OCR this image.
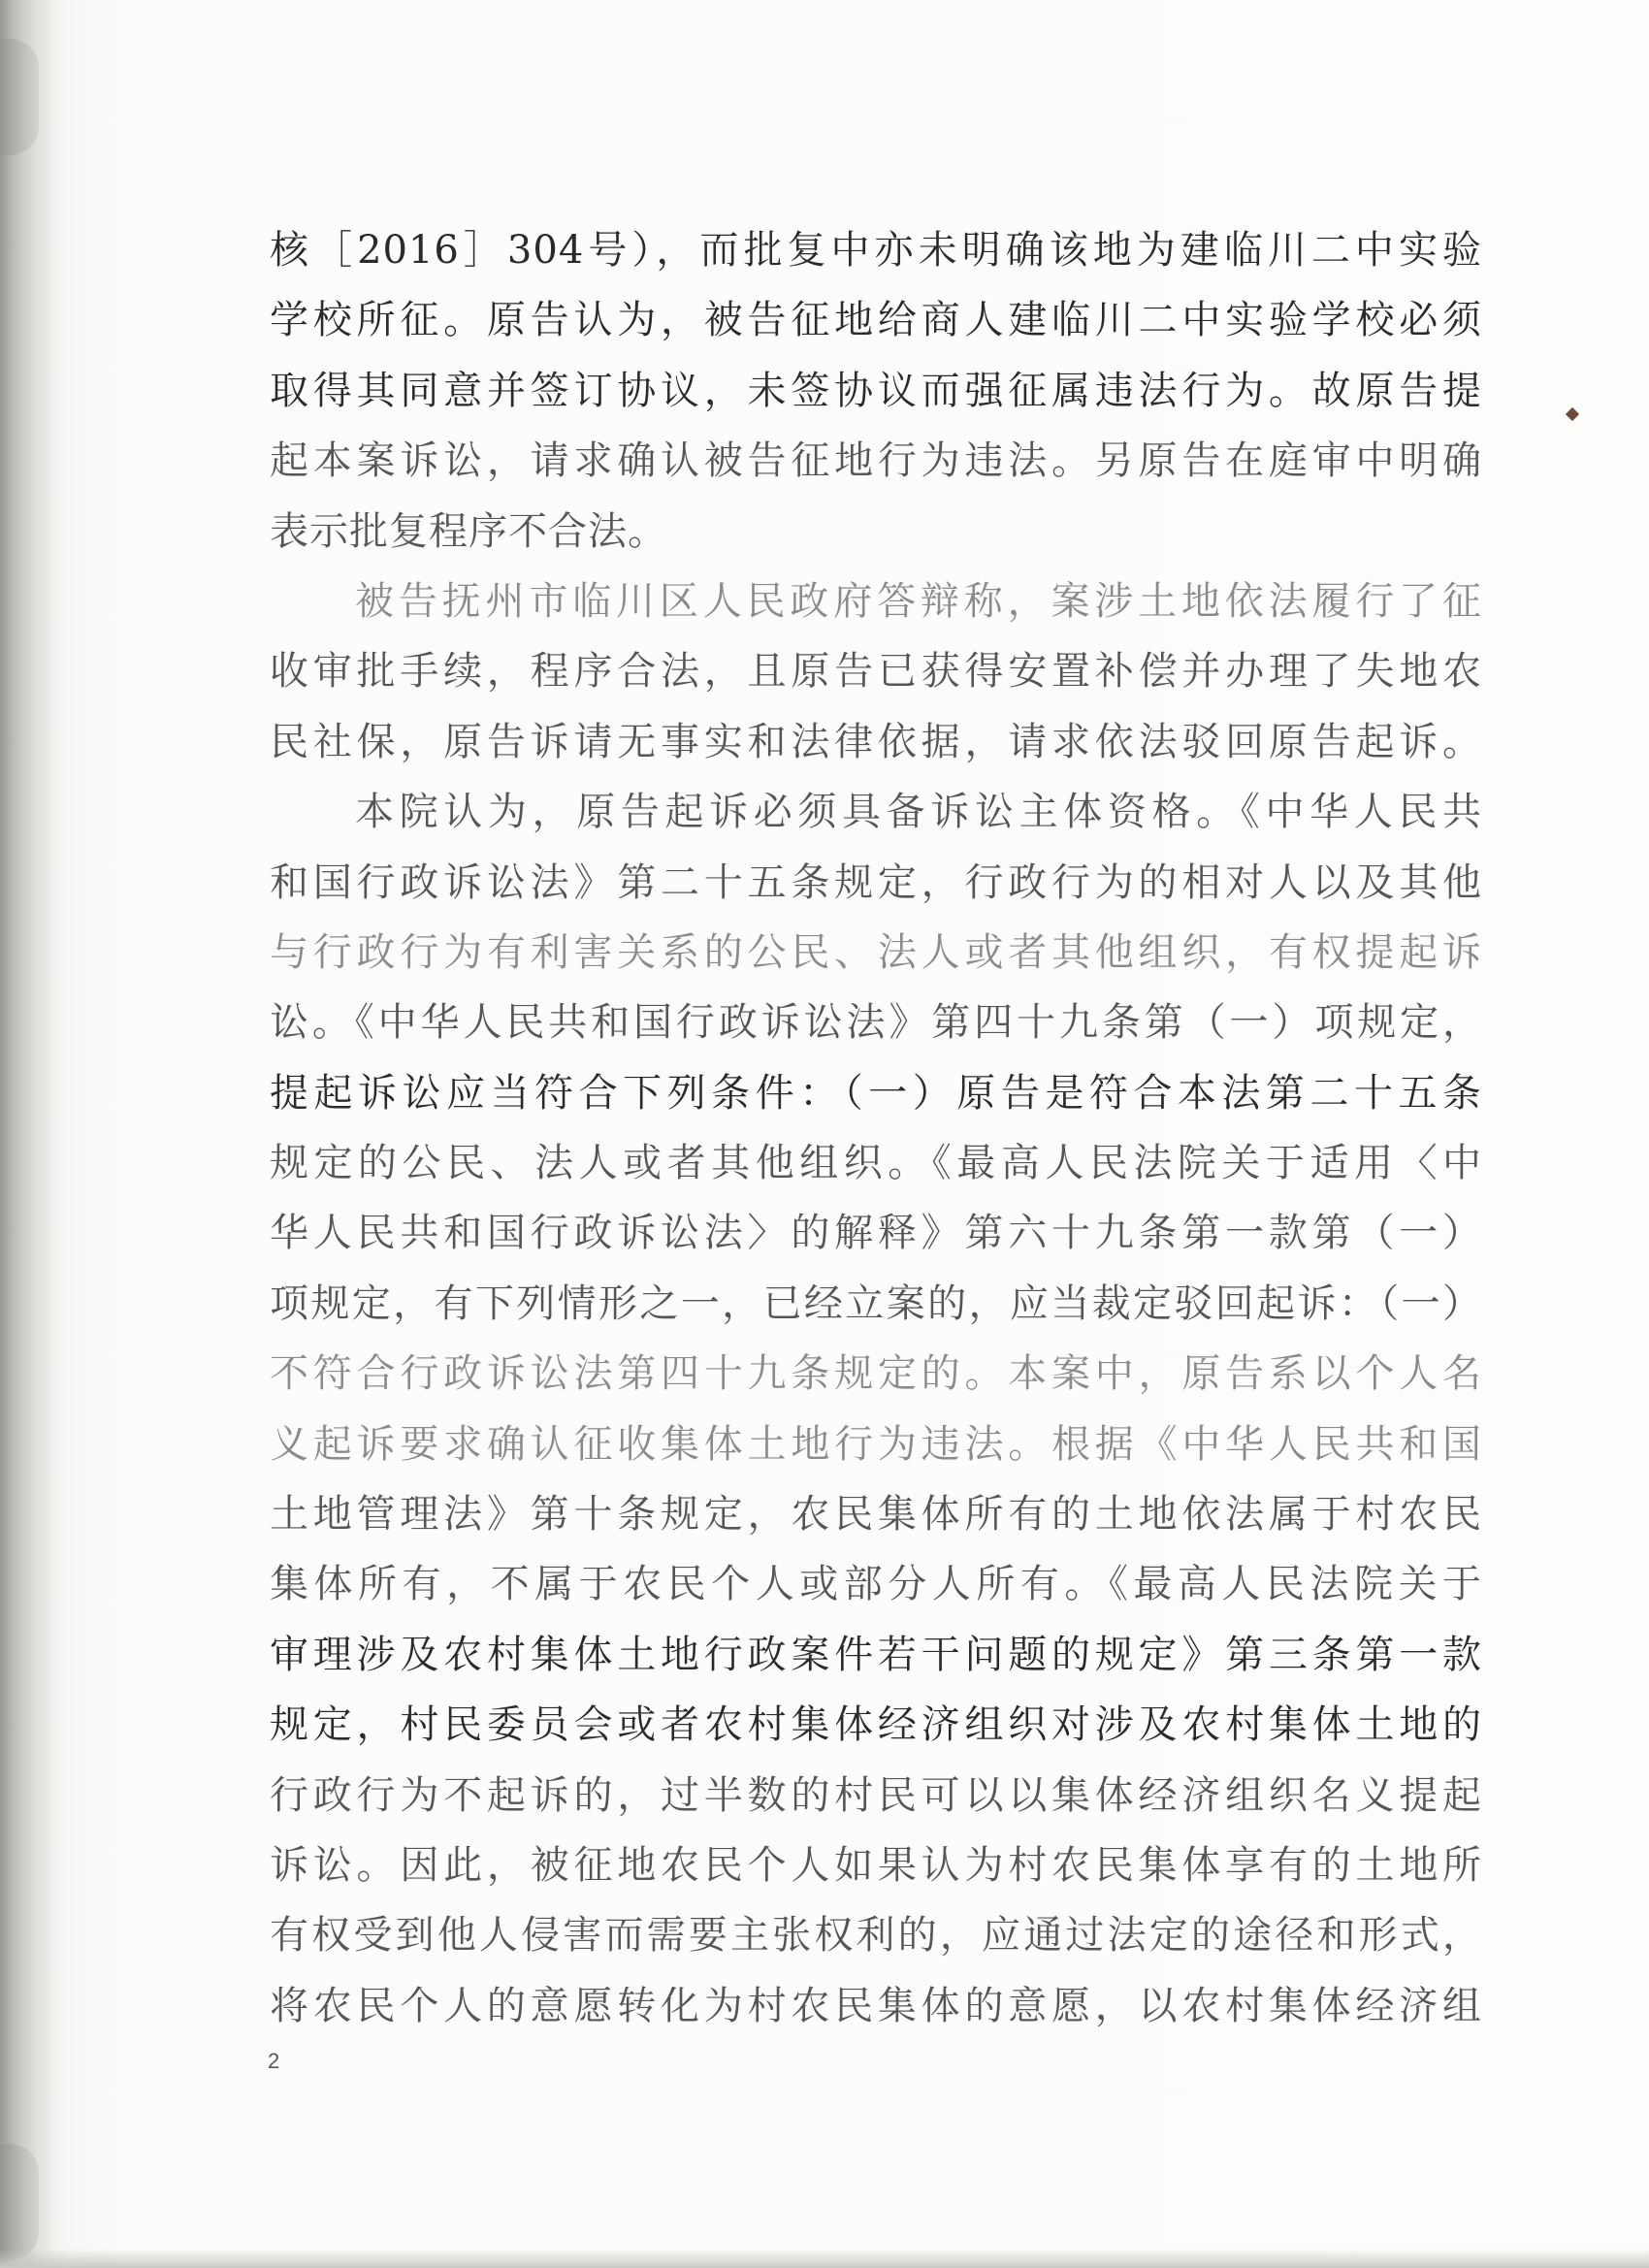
核［2016］304号），而批复中亦未明确该地为建临川二中实验
学校所征。原告认为，被告征地给商人建临川二中实验学校必须
取得其同意并签订协议，未签协议而强征属违法行为。故原告提
起本案诉讼，请求确认被告征地行为违法。另原告在庭审中明确
表示批复程序不合法。
被告抚州市临川区人民政府答辩称，案涉土地依法履行了征
收审批手续，程序合法，且原告已获得安置补偿并办理了失地农
民社保，原告诉请无事实和法律依据，请求依法驳回原告起诉。
本院认为，原告起诉必须具备诉讼主体资格。《中华人民共
和国行政诉讼法》第二十五条规定，行政行为的相对人以及其他
与行政行为有利害关系的公民、法人或者其他组织，有权提起诉
讼。《中华人民共和国行政诉讼法》第四十九条第（一）项规定，
提起诉讼应当符合下列条件：（一）原告是符合本法第二十五条
规定的公民、法人或者其他组织。《最高人民法院关于适用〈中
华人民共和国行政诉讼法〉的解释》第六十九条第一款第（一）
项规定，有下列情形之一，已经立案的，应当裁定驳回起诉：（一）
不符合行政诉讼法第四十九条规定的。本案中，原告系以个人名
义起诉要求确认征收集体土地行为违法。根据《中华人民共和国
土地管理法》第十条规定，农民集体所有的土地依法属于村农民
集体所有，不属于农民个人或部分人所有。《最高人民法院关于
审理涉及农村集体土地行政案件若干问题的规定》第三条第一款
规定，村民委员会或者农村集体经济组织对涉及农村集体土地的
行政行为不起诉的，过半数的村民可以以集体经济组织名义提起
诉讼。因此，被征地农民个人如果认为村农民集体享有的土地所
有权受到他人侵害而需要主张权利的，应通过法定的途径和形式，
将农民个人的意愿转化为村农民集体的意愿，以农村集体经济组
2
